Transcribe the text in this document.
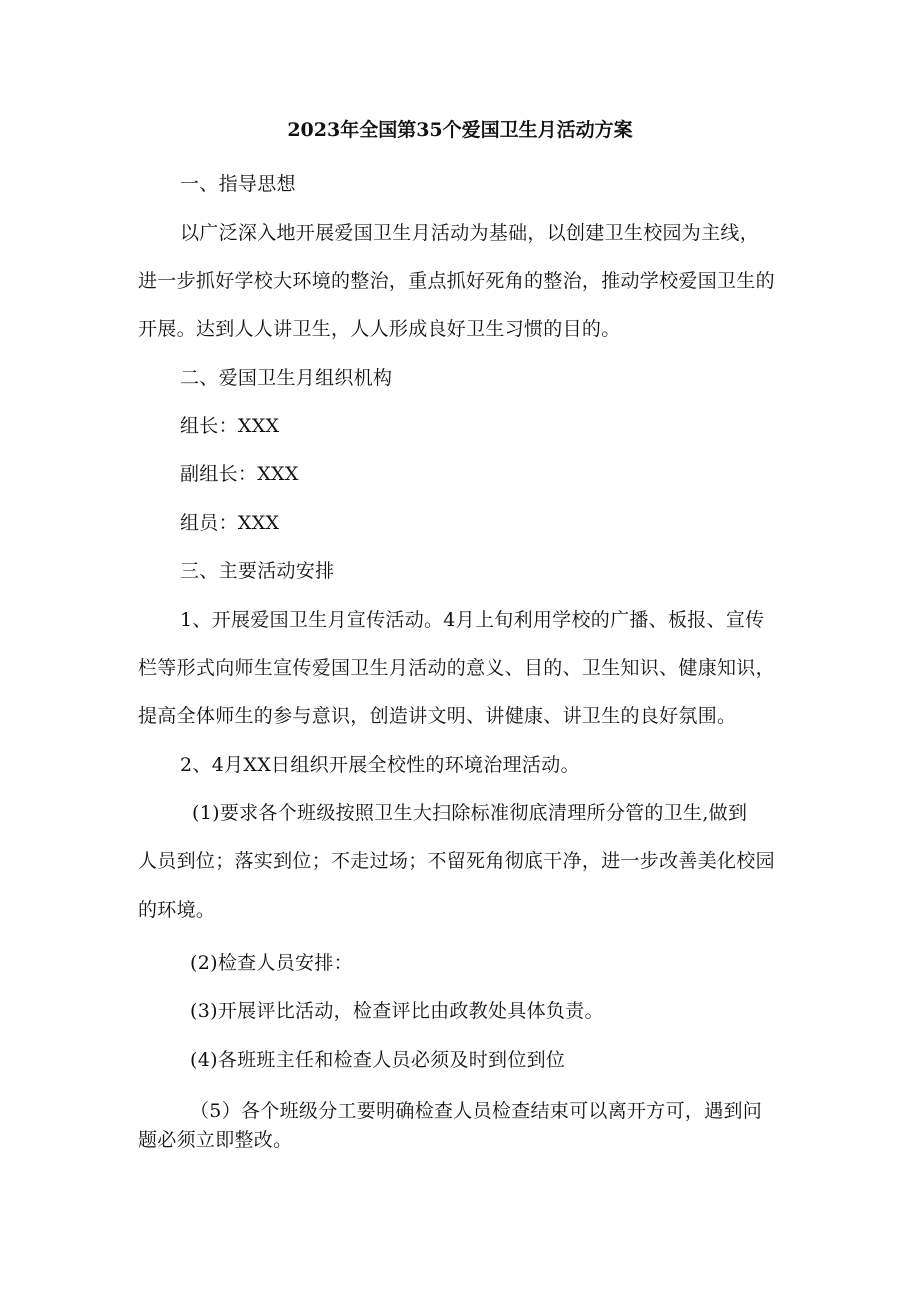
2023年全国第35个爱国卫生月活动方案
一、指导思想
以广泛深入地开展爱国卫生月活动为基础，以创建卫生校园为主线，
进一步抓好学校大环境的整治，重点抓好死角的整治，推动学校爱国卫生的
开展。达到人人讲卫生，人人形成良好卫生习惯的目的。
二、爱国卫生月组织机构
组长：XXX
副组长：XXX
组员：XXX
三、主要活动安排
1、开展爱国卫生月宣传活动。4月上旬利用学校的广播、板报、宣传
栏等形式向师生宣传爱国卫生月活动的意义、目的、卫生知识、健康知识，
提高全体师生的参与意识，创造讲文明、讲健康、讲卫生的良好氛围。
2、4月XX日组织开展全校性的环境治理活动。
(1)要求各个班级按照卫生大扫除标准彻底清理所分管的卫生,做到
人员到位；落实到位；不走过场；不留死角彻底干净，进一步改善美化校园
的环境。
(2)检查人员安排：
(3)开展评比活动，检查评比由政教处具体负责。
(4)各班班主任和检查人员必须及时到位到位
（5）各个班级分工要明确检查人员检查结束可以离开方可，遇到问
题必须立即整改。
